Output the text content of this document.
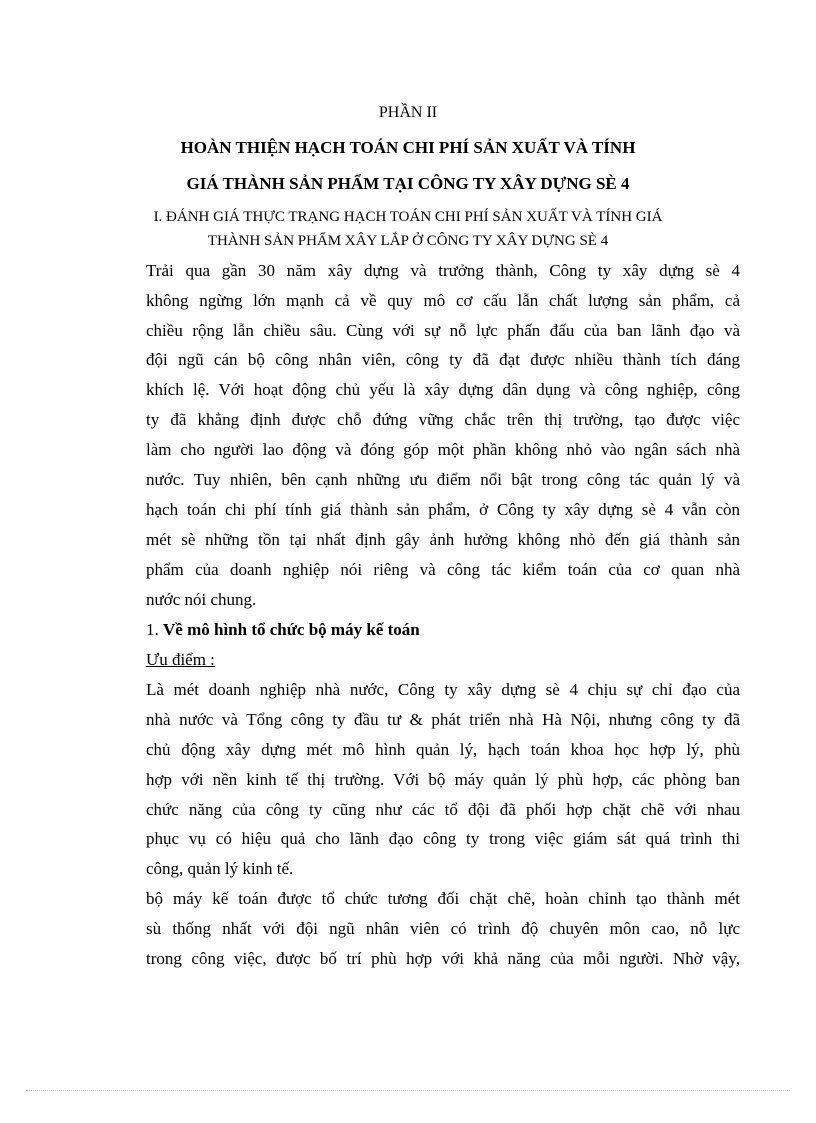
PHẦN II
HOÀN THIỆN HẠCH TOÁN CHI PHÍ SẢN XUẤT VÀ TÍNH
GIÁ THÀNH SẢN PHẨM TẠI CÔNG TY XÂY DỰNG SÈ 4
I. ĐÁNH GIÁ THỰC TRẠNG HẠCH TOÁN CHI PHÍ SẢN XUẤT VÀ TÍNH GIÁ
THÀNH SẢN PHẨM XÂY LẮP Ở CÔNG TY XÂY DỰNG SÈ 4
Trải qua gần 30 năm xây dựng và trưởng thành, Công ty xây dựng sè 4
không ngừng lớn mạnh cả về quy mô cơ cấu lẫn chất lượng sản phẩm, cả
chiều rộng lẫn chiều sâu. Cùng với sự nỗ lực phấn đấu của ban lãnh đạo và
đội ngũ cán bộ công nhân viên, công ty đã đạt được nhiều thành tích đáng
khích lệ. Với hoạt động chủ yếu là xây dựng dân dụng và công nghiệp, công
ty đã khẳng định được chỗ đứng vững chắc trên thị trường, tạo được việc
làm cho người lao động và đóng góp một phần không nhỏ vào ngân sách nhà
nước. Tuy nhiên, bên cạnh những ưu điểm nổi bật trong công tác quản lý và
hạch toán chi phí tính giá thành sản phẩm, ở Công ty xây dựng sè 4 vẫn còn
mét sè những tồn tại nhất định gây ảnh hưởng không nhỏ đến giá thành sản
phẩm của doanh nghiệp nói riêng và công tác kiểm toán của cơ quan nhà
nước nói chung.
1. Về mô hình tổ chức bộ máy kế toán
Ưu điểm :
Là mét doanh nghiệp nhà nước, Công ty xây dựng sè 4 chịu sự chỉ đạo của
nhà nước và Tổng công ty đầu tư & phát triển nhà Hà Nội, nhưng công ty đã
chủ động xây dựng mét mô hình quản lý, hạch toán khoa học hợp lý, phù
hợp với nền kinh tế thị trường. Với bộ máy quản lý phù hợp, các phòng ban
chức năng của công ty cũng như các tổ đội đã phối hợp chặt chẽ với nhau
phục vụ có hiệu quả cho lãnh đạo công ty trong việc giám sát quá trình thi
công, quản lý kinh tế.
bộ máy kế toán được tổ chức tương đối chặt chẽ, hoàn chỉnh tạo thành mét
sù thống nhất với đội ngũ nhân viên có trình độ chuyên môn cao, nỗ lực
trong công việc, được bố trí phù hợp với khả năng của mỗi người. Nhờ vậy,
